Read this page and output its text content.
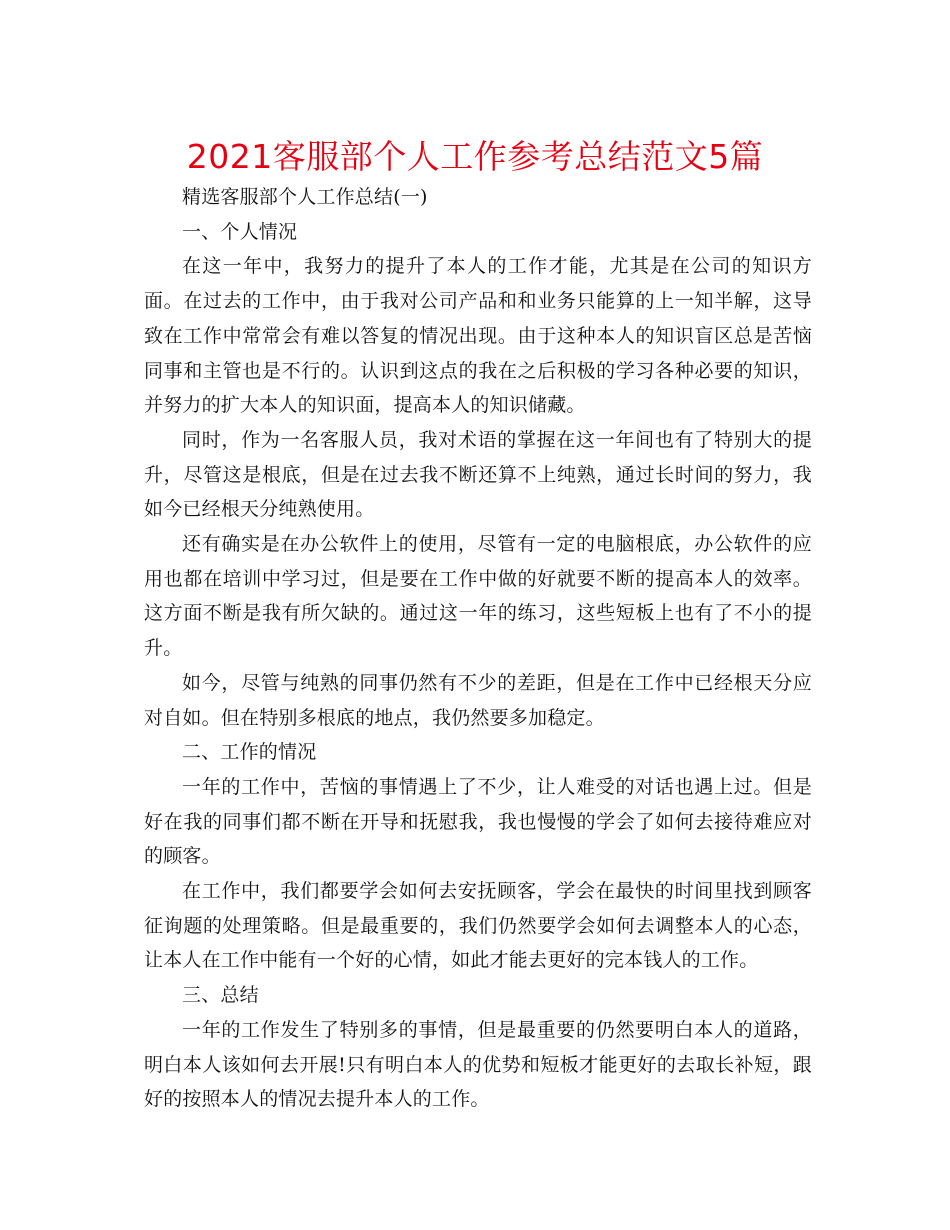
2021客服部个人工作参考总结范文5篇

精选客服部个人工作总结(一)

一、个人情况

在这一年中，我努力的提升了本人的工作才能，尤其是在公司的知识方面。在过去的工作中，由于我对公司产品和和业务只能算的上一知半解，这导致在工作中常常会有难以答复的情况出现。由于这种本人的知识盲区总是苦恼同事和主管也是不行的。认识到这点的我在之后积极的学习各种必要的知识，并努力的扩大本人的知识面，提高本人的知识储藏。

同时，作为一名客服人员，我对术语的掌握在这一年间也有了特别大的提升，尽管这是根底，但是在过去我不断还算不上纯熟，通过长时间的努力，我如今已经根天分纯熟使用。

还有确实是在办公软件上的使用，尽管有一定的电脑根底，办公软件的应用也都在培训中学习过，但是要在工作中做的好就要不断的提高本人的效率。这方面不断是我有所欠缺的。通过这一年的练习，这些短板上也有了不小的提升。

如今，尽管与纯熟的同事仍然有不少的差距，但是在工作中已经根天分应对自如。但在特别多根底的地点，我仍然要多加稳定。

二、工作的情况

一年的工作中，苦恼的事情遇上了不少，让人难受的对话也遇上过。但是好在我的同事们都不断在开导和抚慰我，我也慢慢的学会了如何去接待难应对的顾客。

在工作中，我们都要学会如何去安抚顾客，学会在最快的时间里找到顾客征询题的处理策略。但是最重要的，我们仍然要学会如何去调整本人的心态，让本人在工作中能有一个好的心情，如此才能去更好的完本钱人的工作。

三、总结

一年的工作发生了特别多的事情，但是最重要的仍然要明白本人的道路，明白本人该如何去开展!只有明白本人的优势和短板才能更好的去取长补短，跟好的按照本人的情况去提升本人的工作。
